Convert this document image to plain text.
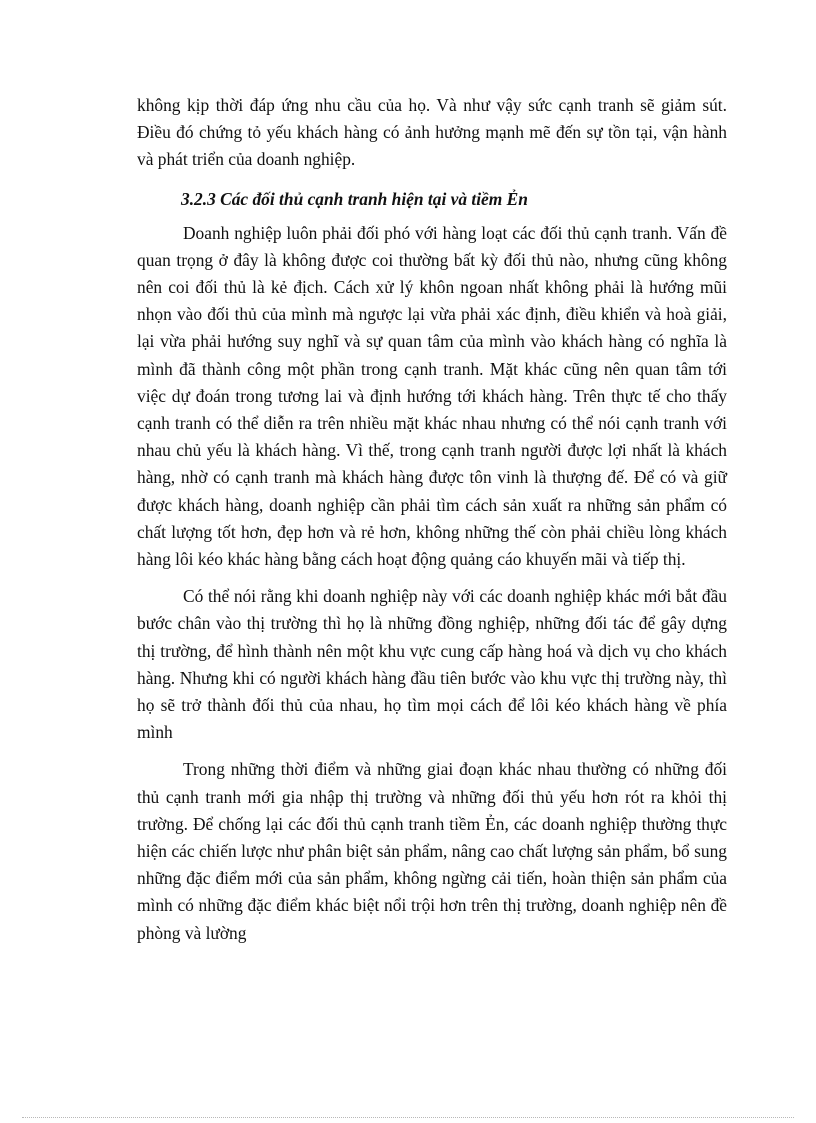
không kịp thời đáp ứng nhu cầu của họ. Và như vậy sức cạnh tranh sẽ giảm sút. Điều đó chứng tỏ yếu khách hàng có ảnh hưởng mạnh mẽ đến sự tồn tại, vận hành và phát triển của doanh nghiệp.

3.2.3 Các đối thủ cạnh tranh hiện tại và tiềm Ẻn

Doanh nghiệp luôn phải đối phó với hàng loạt các đối thủ cạnh tranh. Vấn đề quan trọng ở đây là không được coi thường bất kỳ đối thủ nào, nhưng cũng không nên coi đối thủ là kẻ địch. Cách xử lý khôn ngoan nhất không phải là hướng mũi nhọn vào đối thủ của mình mà ngược lại vừa phải xác định, điều khiển và hoà giải, lại vừa phải hướng suy nghĩ và sự quan tâm của mình vào khách hàng có nghĩa là mình đã thành công một phần trong cạnh tranh. Mặt khác cũng nên quan tâm tới việc dự đoán trong tương lai và định hướng tới khách hàng. Trên thực tế cho thấy cạnh tranh có thể diễn ra trên nhiều mặt khác nhau nhưng có thể nói cạnh tranh với nhau chủ yếu là khách hàng. Vì thế, trong cạnh tranh người được lợi nhất là khách hàng, nhờ có cạnh tranh mà khách hàng được tôn vinh là thượng đế. Để có và giữ được khách hàng, doanh nghiệp cần phải tìm cách sản xuất ra những sản phẩm có chất lượng tốt hơn, đẹp hơn và rẻ hơn, không những thế còn phải chiều lòng khách hàng lôi kéo khác hàng bằng cách hoạt động quảng cáo khuyến mãi và tiếp thị.

Có thể nói rằng khi doanh nghiệp này với các doanh nghiệp khác mới bắt đầu bước chân vào thị trường thì họ là những đồng nghiệp, những đối tác để gây dựng thị trường, để hình thành nên một khu vực cung cấp hàng hoá và dịch vụ cho khách hàng. Nhưng khi có người khách hàng đầu tiên bước vào khu vực thị trường này, thì họ sẽ trở thành đối thủ của nhau, họ tìm mọi cách để lôi kéo khách hàng về phía mình

Trong những thời điểm và những giai đoạn khác nhau thường có những đối thủ cạnh tranh mới gia nhập thị trường và những đối thủ yếu hơn rót ra khỏi thị trường. Để chống lại các đối thủ cạnh tranh tiềm Ẻn, các doanh nghiệp thường thực hiện các chiến lược như phân biệt sản phẩm, nâng cao chất lượng sản phẩm, bổ sung những đặc điểm mới của sản phẩm, không ngừng cải tiến, hoàn thiện sản phẩm của mình có những đặc điểm khác biệt nổi trội hơn trên thị trường, doanh nghiệp nên đề phòng và lường
